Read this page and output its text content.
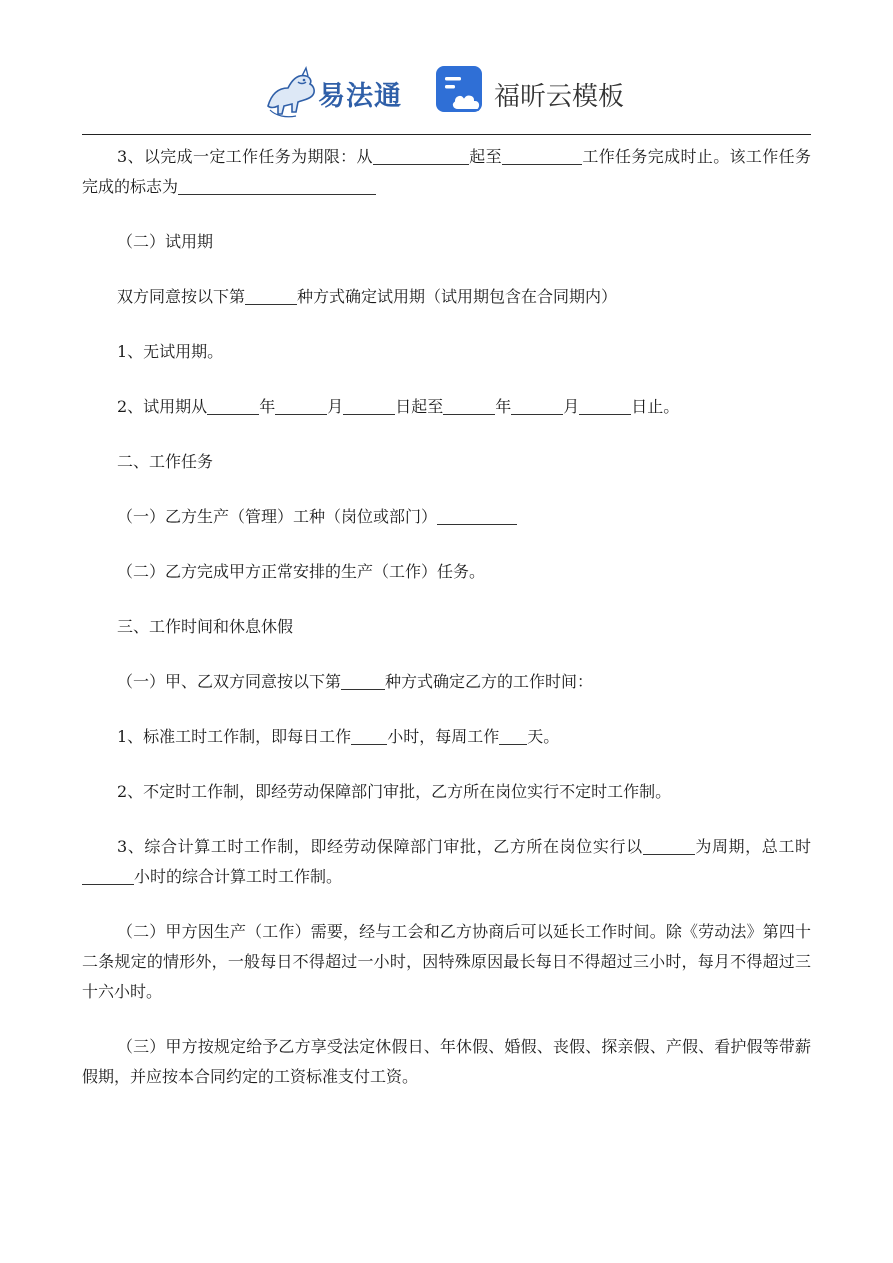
易法通	福昕云模板

3、以完成一定工作任务为期限：从	起至	工作任务完成时止。该工作任务完成的标志为

（二）试用期

双方同意按以下第	种方式确定试用期（试用期包含在合同期内）

1、无试用期。

2、试用期从	年	月	日起至	年	月	日止。

二、工作任务

（一）乙方生产（管理）工种（岗位或部门）

（二）乙方完成甲方正常安排的生产（工作）任务。

三、工作时间和休息休假

（一）甲、乙双方同意按以下第	种方式确定乙方的工作时间：

1、标准工时工作制，即每日工作 小时，每周工作 天。

2、不定时工作制，即经劳动保障部门审批，乙方所在岗位实行不定时工作制。

3、综合计算工时工作制，即经劳动保障部门审批，乙方所在岗位实行以	为周期，总工时小时的综合计算工时工作制。

（二）甲方因生产（工作）需要，经与工会和乙方协商后可以延长工作时间。除《劳动法》第四十二条规定的情形外，一般每日不得超过一小时，因特殊原因最长每日不得超过三小时，每月不得超过三十六小时。

（三）甲方按规定给予乙方享受法定休假日、年休假、婚假、丧假、探亲假、产假、看护假等带薪假期，并应按本合同约定的工资标准支付工资。
